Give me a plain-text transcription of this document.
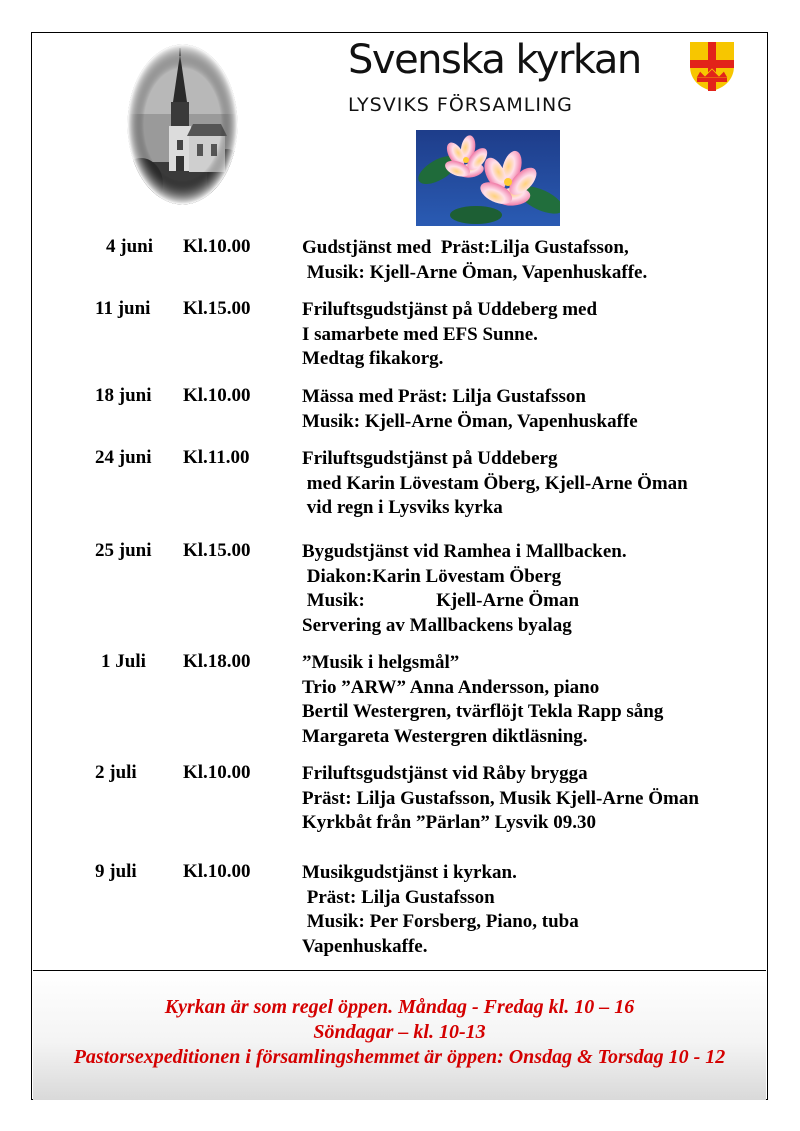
Svenska kyrkan
LYSVIKS FÖRSAMLING
4 juni Kl.10.00	Gudstjänst med  Präst:Lilja Gustafsson,
Musik: Kjell-Arne Öman, Vapenhuskaffe.
11 juni Kl.15.00	Friluftsgudstjänst på Uddeberg med
I samarbete med EFS Sunne.
Medtag fikakorg.
18 juni Kl.10.00	Mässa med Präst: Lilja Gustafsson
Musik: Kjell-Arne Öman, Vapenhuskaffe
24 juni Kl.11.00	Friluftsgudstjänst på Uddeberg
med Karin Lövestam Öberg, Kjell-Arne Öman
vid regn i Lysviks kyrka
25 juni Kl.15.00	Bygudstjänst vid Ramhea i Mallbacken.
Diakon:Karin Lövestam Öberg
Musik:               Kjell-Arne Öman
Servering av Mallbackens byalag
1 Juli Kl.18.00	”Musik i helgsmål”
Trio ”ARW” Anna Andersson, piano
Bertil Westergren, tvärflöjt Tekla Rapp sång
Margareta Westergren diktläsning.
2 juli Kl.10.00	Friluftsgudstjänst vid Råby brygga
Präst: Lilja Gustafsson, Musik Kjell-Arne Öman
Kyrkbåt från ”Pärlan” Lysvik 09.30
9 juli Kl.10.00	Musikgudstjänst i kyrkan.
Präst: Lilja Gustafsson
Musik: Per Forsberg, Piano, tuba
Vapenhuskaffe.
Kyrkan är som regel öppen. Måndag - Fredag kl. 10 – 16
Söndagar – kl. 10-13
Pastorsexpeditionen i församlingshemmet är öppen: Onsdag & Torsdag 10 - 12
